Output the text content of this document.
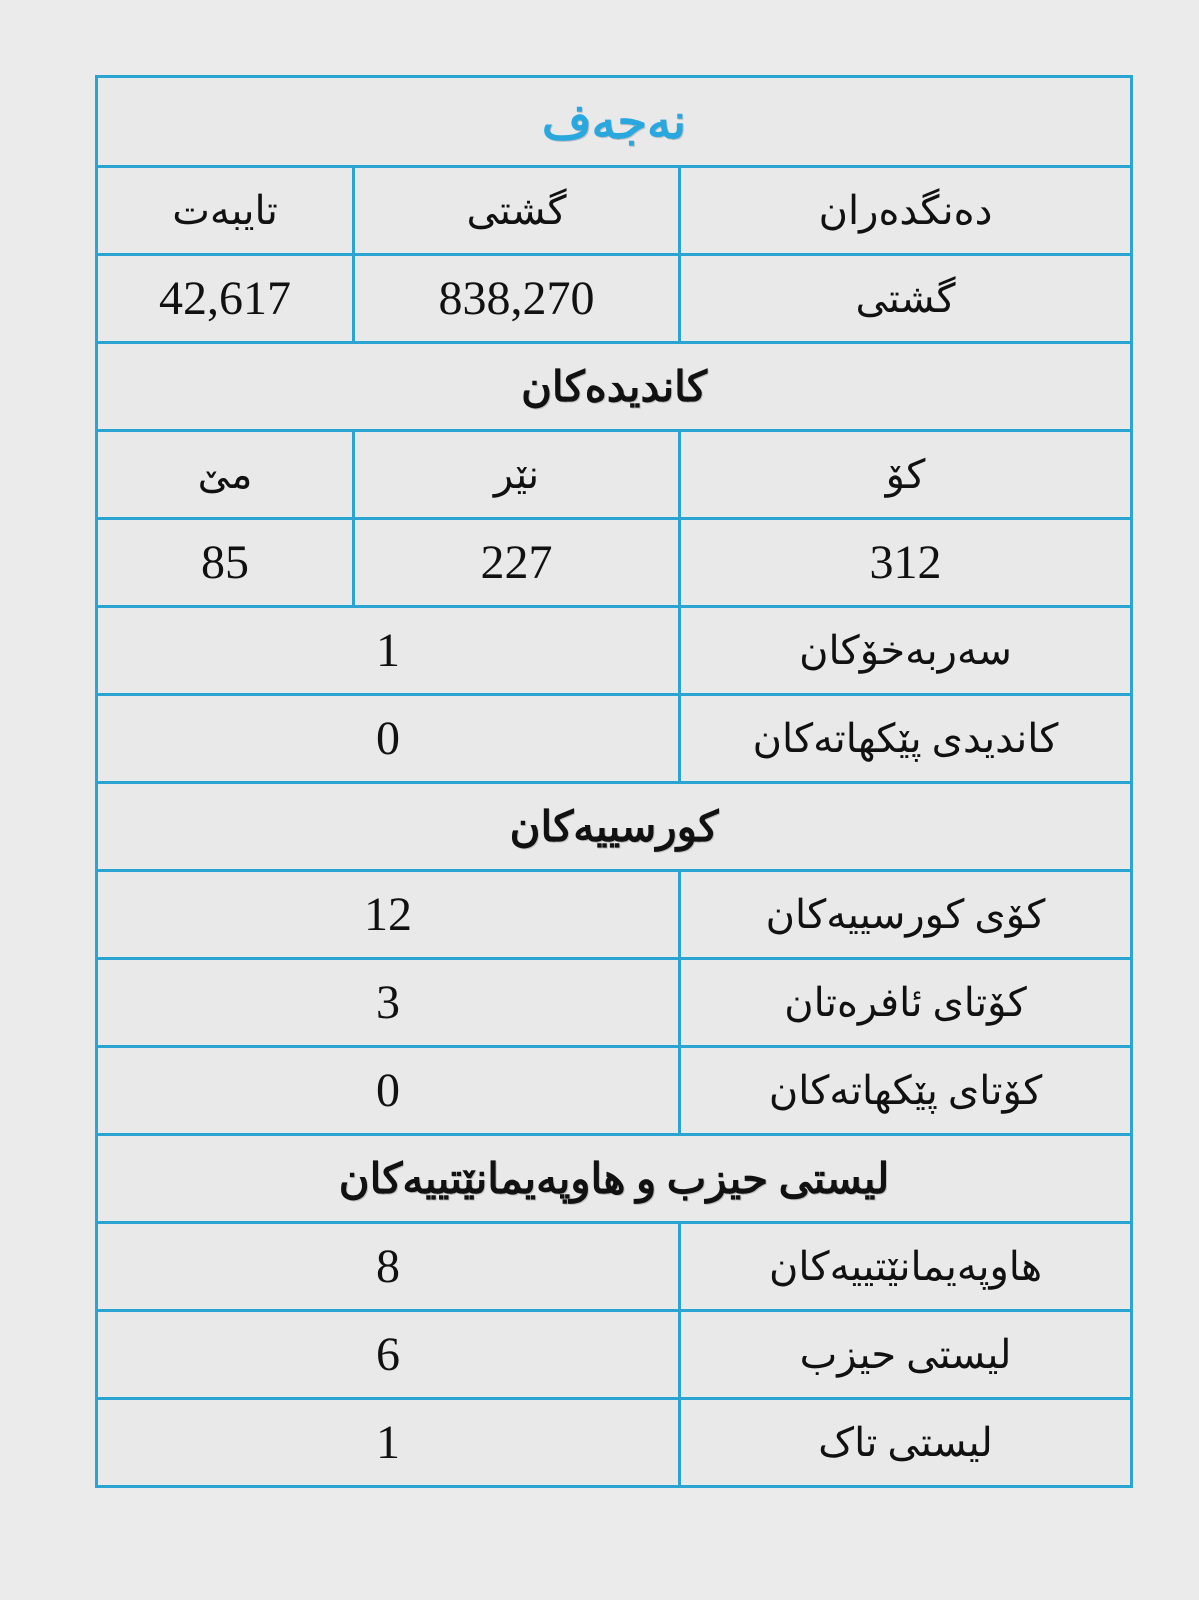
نەجەف		
دەنگدەران	گشتی	تایبەت
گشتی	838,270	42,617
کاندیدەکان		
کۆ	نێر	مێ
312	227	85
سەربەخۆکان	1	
کاندیدی پێکهاتەکان	0	
کورسییەکان		
کۆی کورسییەکان	12	
کۆتای ئافرەتان	3	
کۆتای پێکهاتەکان	0	
لیستی حیزب و هاوپەیمانێتییەکان		
هاوپەیمانێتییەکان	8	
لیستی حیزب	6	
لیستی تاک	1	
